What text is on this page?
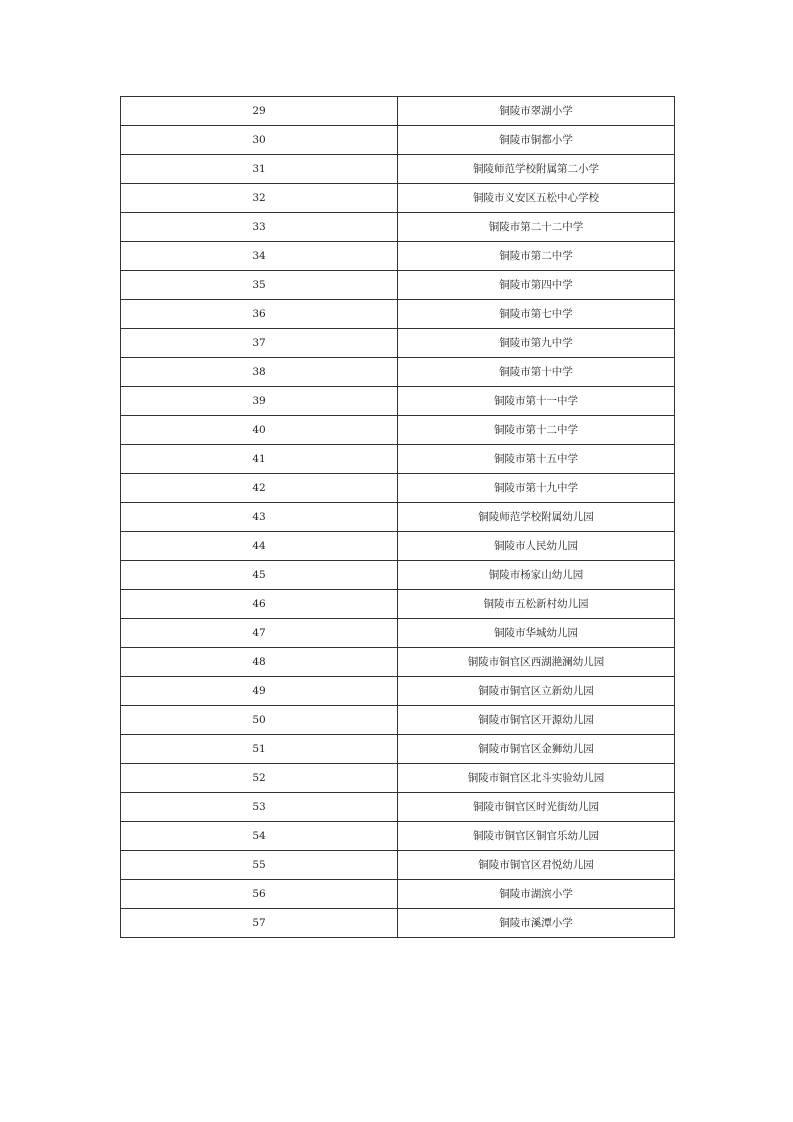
29	铜陵市翠湖小学
30	铜陵市铜都小学
31	铜陵师范学校附属第二小学
32	铜陵市义安区五松中心学校
33	铜陵市第二十二中学
34	铜陵市第二中学
35	铜陵市第四中学
36	铜陵市第七中学
37	铜陵市第九中学
38	铜陵市第十中学
39	铜陵市第十一中学
40	铜陵市第十二中学
41	铜陵市第十五中学
42	铜陵市第十九中学
43	铜陵师范学校附属幼儿园
44	铜陵市人民幼儿园
45	铜陵市杨家山幼儿园
46	铜陵市五松新村幼儿园
47	铜陵市华城幼儿园
48	铜陵市铜官区西湖滟澜幼儿园
49	铜陵市铜官区立新幼儿园
50	铜陵市铜官区开源幼儿园
51	铜陵市铜官区金狮幼儿园
52	铜陵市铜官区北斗实验幼儿园
53	铜陵市铜官区时光街幼儿园
54	铜陵市铜官区铜官乐幼儿园
55	铜陵市铜官区君悦幼儿园
56	铜陵市湖滨小学
57	铜陵市溪潭小学
